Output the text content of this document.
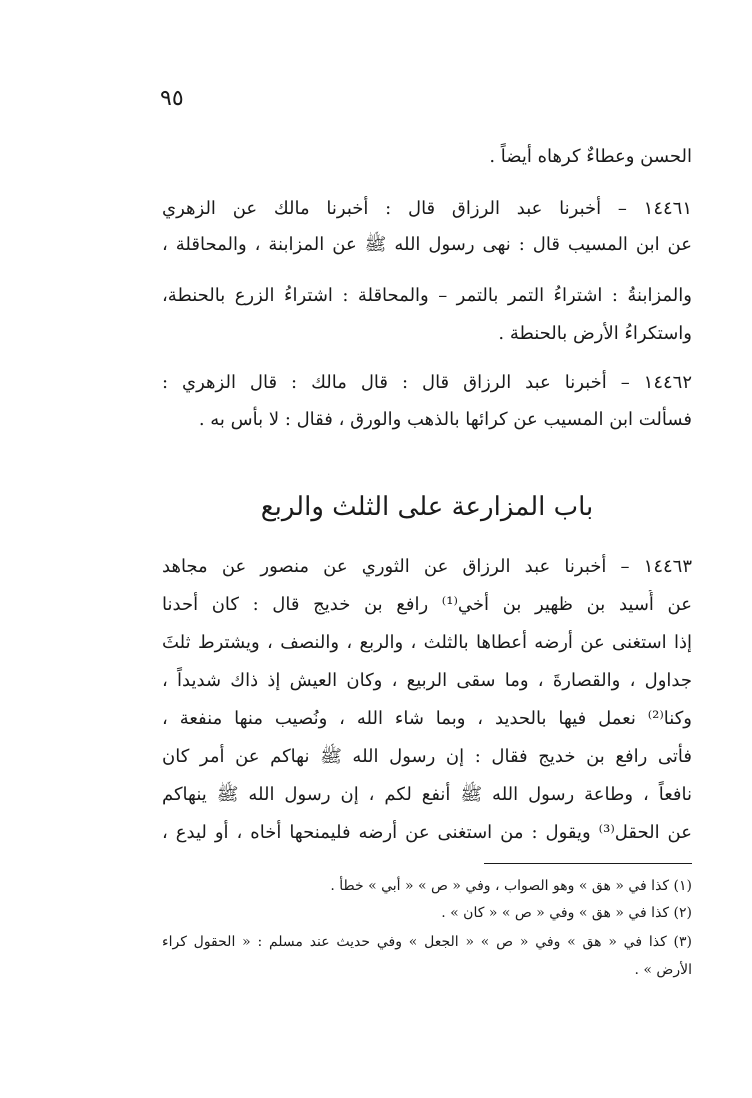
٩٥
الحسن وعطاءٌ كرهاه أيضاً .
١٤٤٦١ – أخبرنا عبد الرزاق قال : أخبرنا مالك عن الزهري
عن ابن المسيب قال : نهى رسول الله ﷺ عن المزابنة ، والمحاقلة ،
والمزابنةُ : اشتراءُ التمر بالتمر – والمحاقلة : اشتراءُ الزرع بالحنطة،
واستكراءُ الأرض بالحنطة .
١٤٤٦٢ – أخبرنا عبد الرزاق قال : قال مالك : قال الزهري :
فسألت ابن المسيب عن كرائها بالذهب والورق ، فقال : لا بأس به .
باب المزارعة على الثلث والربع
١٤٤٦٣ – أخبرنا عبد الرزاق عن الثوري عن منصور عن مجاهد
عن أُسيد بن ظهير بن أخي⁽¹⁾ رافع بن خديج قال : كان أحدنا
إذا استغنى عن أرضه أعطاها بالثلث ، والربع ، والنصف ، ويشترط ثلثَ
جداول ، والقصارةَ ، وما سقى الربيع ، وكان العيش إذ ذاك شديداً ،
وكنا⁽²⁾ نعمل فيها بالحديد ، وبما شاء الله ، ونُصيب منها منفعة ،
فأتى رافع بن خديج فقال : إن رسول الله ﷺ نهاكم عن أمر كان
نافعاً ، وطاعة رسول الله ﷺ أنفع لكم ، إن رسول الله ﷺ ينهاكم
عن الحقل⁽³⁾ ويقول : من استغنى عن أرضه فليمنحها أخاه ، أو ليدع ،
(١) كذا في « هق » وهو الصواب ، وفي « ص » « أبي » خطأ .
(٢) كذا في « هق » وفي « ص » « كان » .
(٣) كذا في « هق » وفي « ص » « الجعل » وفي حديث عند مسلم : « الحقول كراء
الأرض » .
